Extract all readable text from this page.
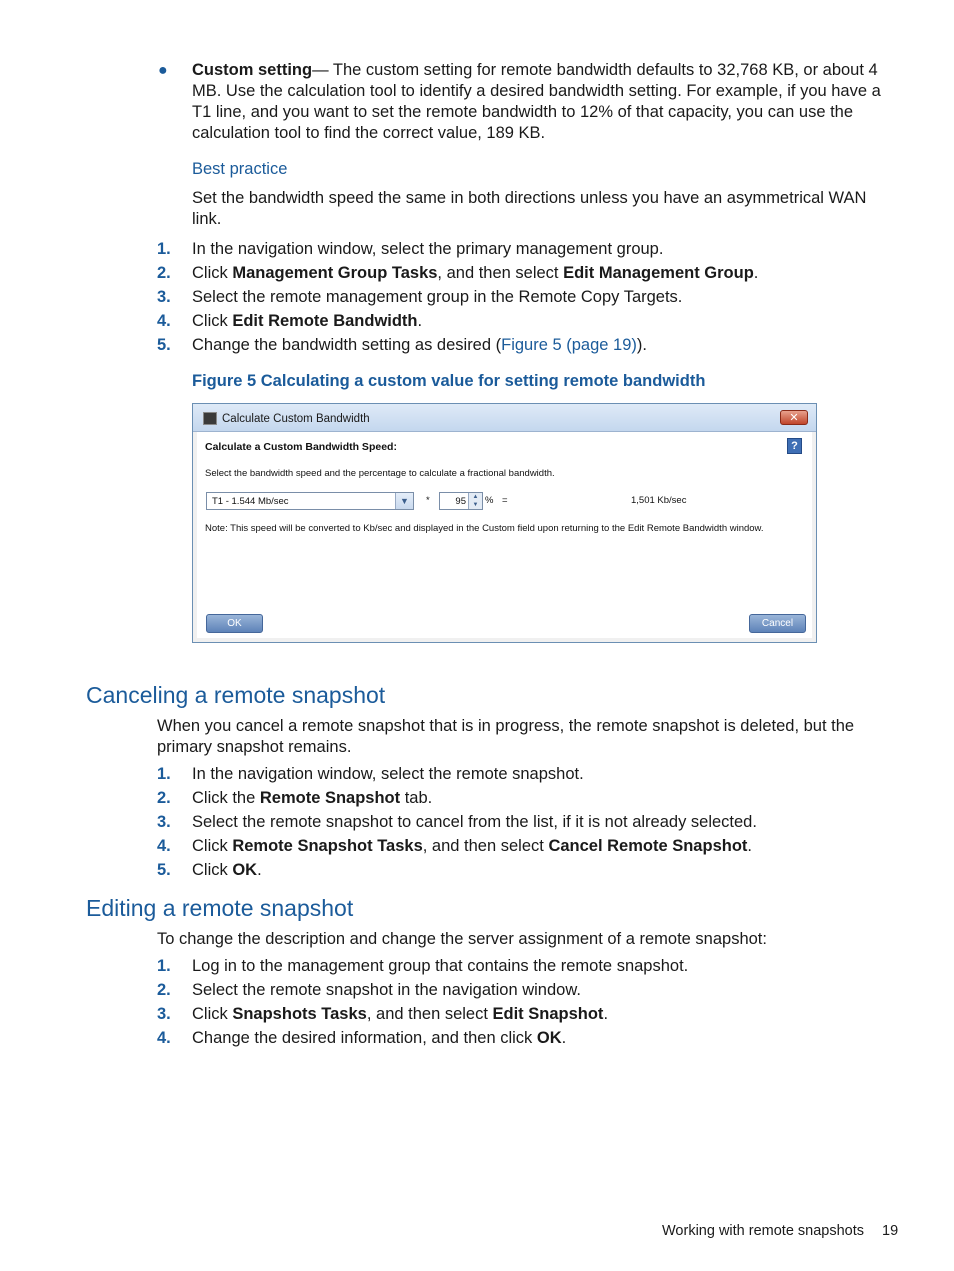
● Custom setting— The custom setting for remote bandwidth defaults to 32,768 KB, or about 4 MB. Use the calculation tool to identify a desired bandwidth setting. For example, if you have a T1 line, and you want to set the remote bandwidth to 12% of that capacity, you can use the calculation tool to find the correct value, 189 KB.
Best practice
Set the bandwidth speed the same in both directions unless you have an asymmetrical WAN link.
1. In the navigation window, select the primary management group.
2. Click Management Group Tasks, and then select Edit Management Group.
3. Select the remote management group in the Remote Copy Targets.
4. Click Edit Remote Bandwidth.
5. Change the bandwidth setting as desired (Figure 5 (page 19)).
Figure 5 Calculating a custom value for setting remote bandwidth
Calculate Custom Bandwidth	✕
Calculate a Custom Bandwidth Speed:	?
Select the bandwidth speed and the percentage to calculate a fractional bandwidth.
T1 - 1.544 Mb/sec	▼	*	95	▲
▼ % =	1,501 Kb/sec
Note: This speed will be converted to Kb/sec and displayed in the Custom field upon returning to the Edit Remote Bandwidth window.
OK	Cancel
Canceling a remote snapshot
When you cancel a remote snapshot that is in progress, the remote snapshot is deleted, but the primary snapshot remains.
1. In the navigation window, select the remote snapshot.
2. Click the Remote Snapshot tab.
3. Select the remote snapshot to cancel from the list, if it is not already selected.
4. Click Remote Snapshot Tasks, and then select Cancel Remote Snapshot.
5. Click OK.
Editing a remote snapshot
To change the description and change the server assignment of a remote snapshot:
1. Log in to the management group that contains the remote snapshot.
2. Select the remote snapshot in the navigation window.
3. Click Snapshots Tasks, and then select Edit Snapshot.
4. Change the desired information, and then click OK.
Working with remote snapshots 19
